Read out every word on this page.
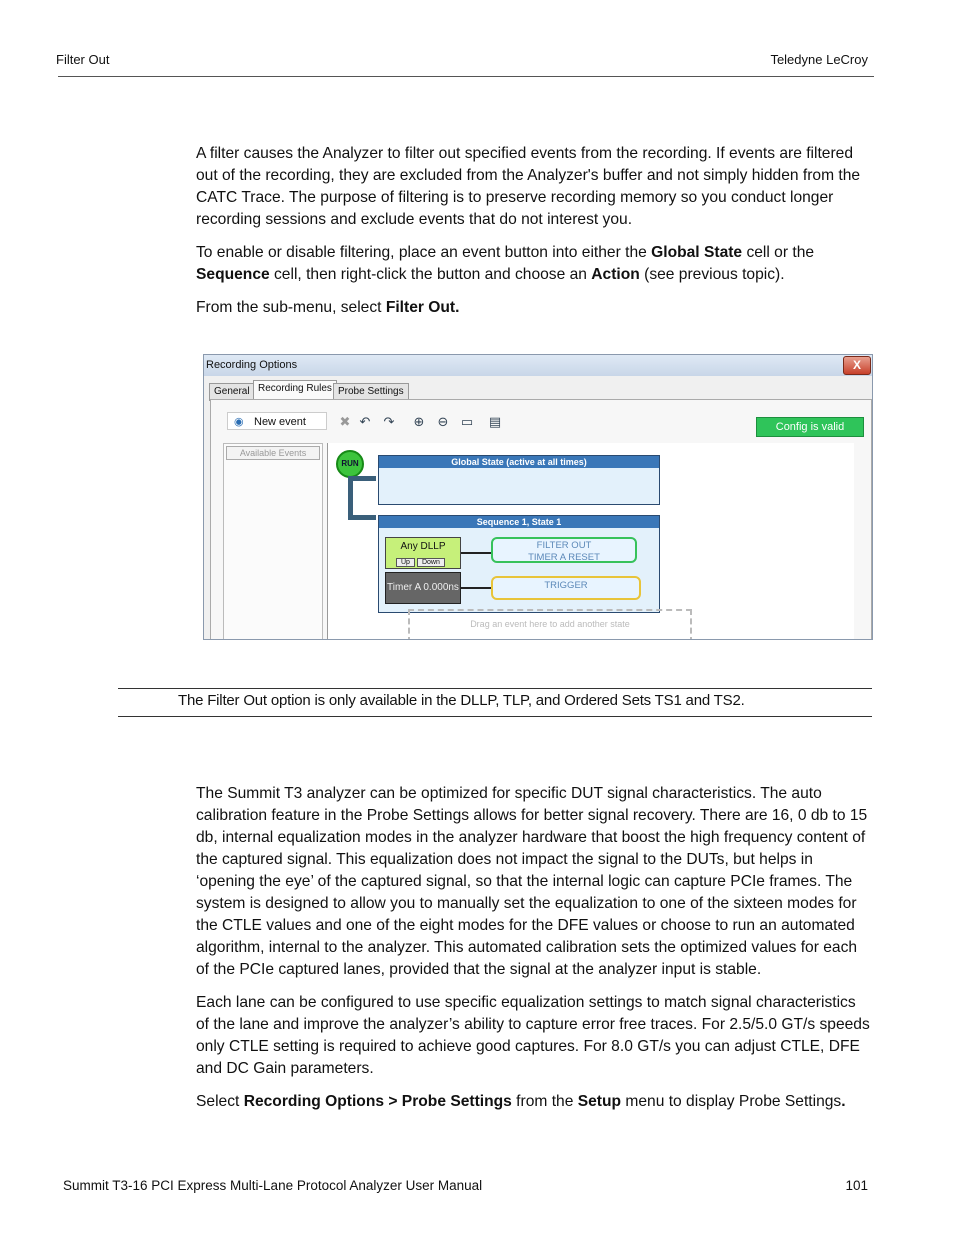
Filter Out	Teledyne LeCroy

A filter causes the Analyzer to filter out specified events from the recording. If events are filtered out of the recording, they are excluded from the Analyzer's buffer and not simply hidden from the CATC Trace. The purpose of filtering is to preserve recording memory so you conduct longer recording sessions and exclude events that do not interest you.

To enable or disable filtering, place an event button into either the Global State cell or the Sequence cell, then right-click the button and choose an Action (see previous topic).

From the sub-menu, select Filter Out.

Recording Options	X
General Recording Rules Probe Settings
◉ New event	✖ ↶	↷	⊕	⊖ ▭ ▤	Config is valid
Available Events
RUN	Global State (active at all times)
Sequence 1, State 1
Any DLLP
Up Down
FILTER OUT
TIMER A RESET
Timer A 0.000ns	TRIGGER
Drag an event here to add another state
The Filter Out option is only available in the DLLP, TLP, and Ordered Sets TS1 and TS2.

The Summit T3 analyzer can be optimized for specific DUT signal characteristics. The auto calibration feature in the Probe Settings allows for better signal recovery. There are 16, 0 db to 15 db, internal equalization modes in the analyzer hardware that boost the high frequency content of the captured signal. This equalization does not impact the signal to the DUTs, but helps in ‘opening the eye’ of the captured signal, so that the internal logic can capture PCIe frames. The system is designed to allow you to manually set the equalization to one of the sixteen modes for the CTLE values and one of the eight modes for the DFE values or choose to run an automated algorithm, internal to the analyzer. This automated calibration sets the optimized values for each of the PCIe captured lanes, provided that the signal at the analyzer input is stable.

Each lane can be configured to use specific equalization settings to match signal characteristics of the lane and improve the analyzer’s ability to capture error free traces. For 2.5/5.0 GT/s speeds only CTLE setting is required to achieve good captures. For 8.0 GT/s you can adjust CTLE, DFE and DC Gain parameters.

Select Recording Options > Probe Settings from the Setup menu to display Probe Settings.

Summit T3-16 PCI Express Multi-Lane Protocol Analyzer User Manual	101
